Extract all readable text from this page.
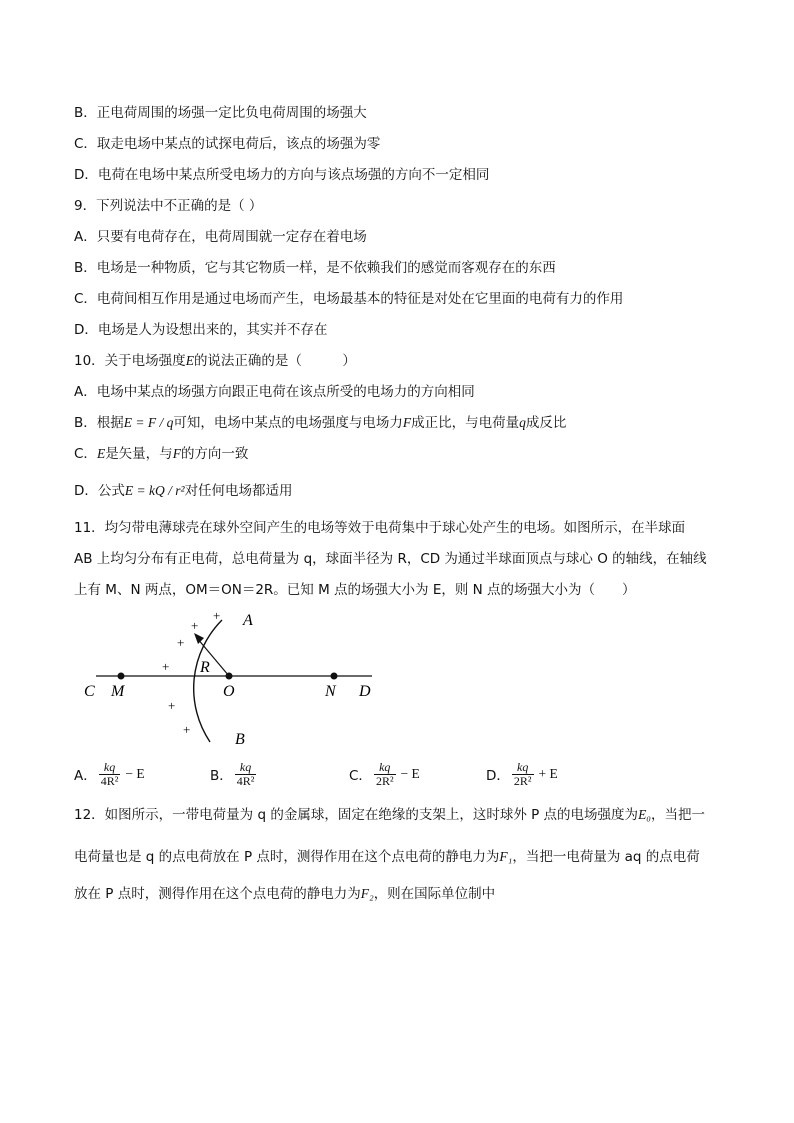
B．正电荷周围的场强一定比负电荷周围的场强大
C．取走电场中某点的试探电荷后，该点的场强为零
D．电荷在电场中某点所受电场力的方向与该点场强的方向不一定相同
9．下列说法中不正确的是（ ）
A．只要有电荷存在，电荷周围就一定存在着电场
B．电场是一种物质，它与其它物质一样，是不依赖我们的感觉而客观存在的东西
C．电荷间相互作用是通过电场而产生，电场最基本的特征是对处在它里面的电荷有力的作用
D．电场是人为设想出来的，其实并不存在
10．关于电场强度E的说法正确的是（　　　）
A．电场中某点的场强方向跟正电荷在该点所受的电场力的方向相同
B．根据E = F / q可知，电场中某点的电场强度与电场力F成正比，与电荷量q成反比
C．E是矢量，与F的方向一致
D．公式E = kQ / r²对任何电场都适用
11．均匀带电薄球壳在球外空间产生的电场等效于电荷集中于球心处产生的电场。如图所示，在半球面
AB 上均匀分布有正电荷，总电荷量为 q，球面半径为 R，CD 为通过半球面顶点与球心 O 的轴线，在轴线
上有 M、N 两点，OM＝ON＝2R。已知 M 点的场强大小为 E，则 N 点的场强大小为（　　）
A
B
C M	O	N D
R
+
+
+
+
+
+
A． $\frac{kq}{\text{4R²}} - E$	B． $\frac{kq}{\text{4R²}}$	C． $\frac{kq}{\text{2R²}} - E$	D． $\frac{kq}{\text{2R²}} + E$
12．如图所示，一带电荷量为 q 的金属球，固定在绝缘的支架上，这时球外 P 点的电场强度为E₀，当把一
电荷量也是 q 的点电荷放在 P 点时，测得作用在这个点电荷的静电力为F₁，当把一电荷量为 aq 的点电荷
放在 P 点时，测得作用在这个点电荷的静电力为F₂，则在国际单位制中
